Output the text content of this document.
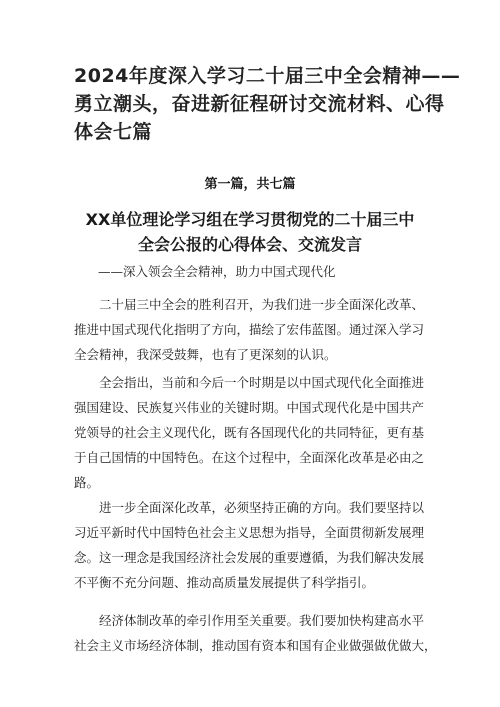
2024年度深入学习二十届三中全会精神——
勇立潮头，奋进新征程研讨交流材料、心得
体会七篇
第一篇，共七篇
XX单位理论学习组在学习贯彻党的二十届三中
全会公报的心得体会、交流发言
——深入领会全会精神，助力中国式现代化
二十届三中全会的胜利召开，为我们进一步全面深化改革、
推进中国式现代化指明了方向，描绘了宏伟蓝图。通过深入学习
全会精神，我深受鼓舞，也有了更深刻的认识。
全会指出，当前和今后一个时期是以中国式现代化全面推进
强国建设、民族复兴伟业的关键时期。中国式现代化是中国共产
党领导的社会主义现代化，既有各国现代化的共同特征，更有基
于自己国情的中国特色。在这个过程中，全面深化改革是必由之
路。
进一步全面深化改革，必须坚持正确的方向。我们要坚持以
习近平新时代中国特色社会主义思想为指导，全面贯彻新发展理
念。这一理念是我国经济社会发展的重要遵循，为我们解决发展
不平衡不充分问题、推动高质量发展提供了科学指引。
经济体制改革的牵引作用至关重要。我们要加快构建高水平
社会主义市场经济体制，推动国有资本和国有企业做强做优做大，
